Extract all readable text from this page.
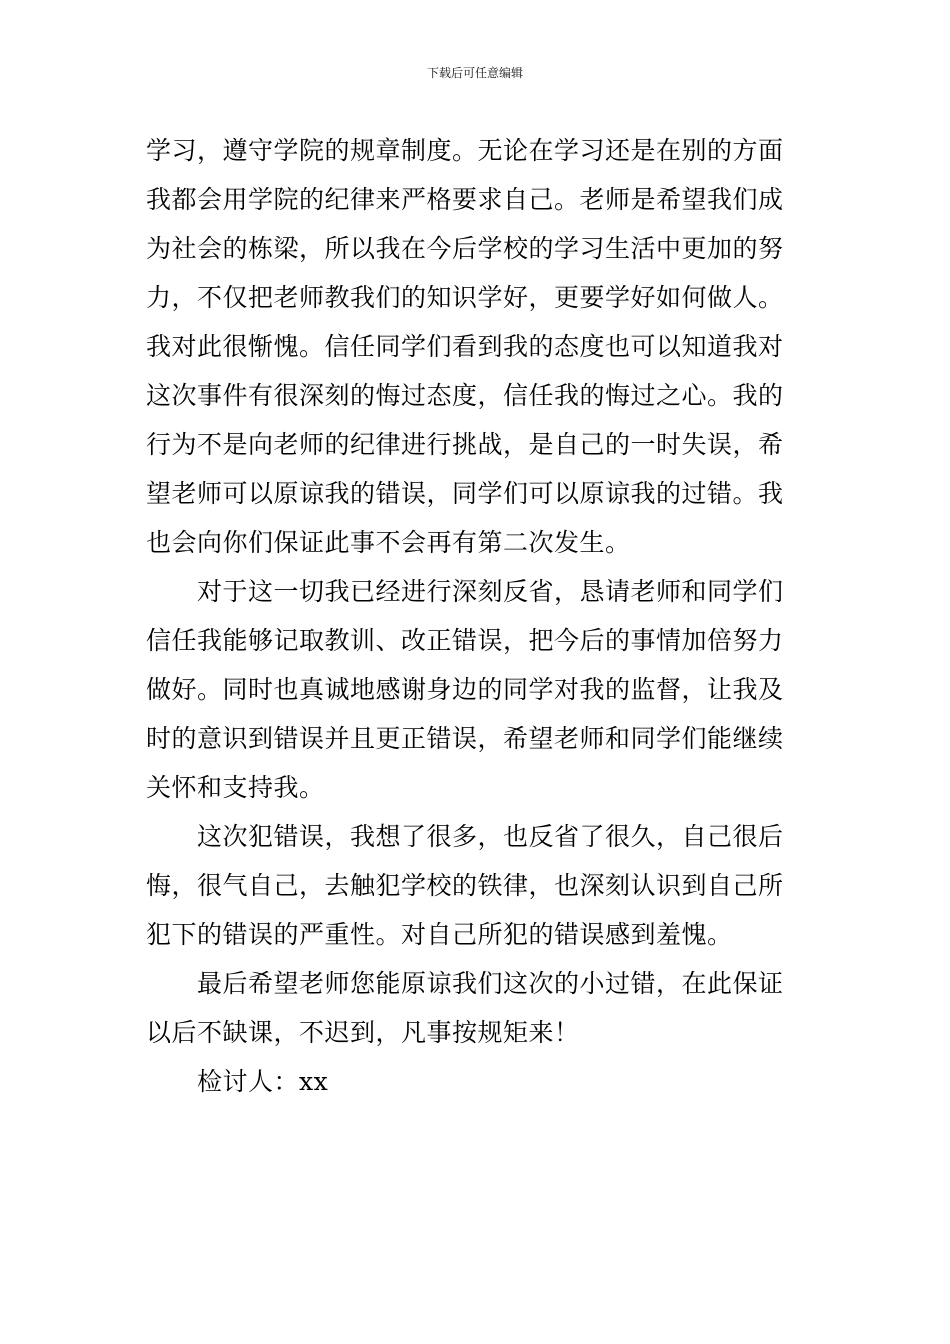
下载后可任意编辑
学习，遵守学院的规章制度。无论在学习还是在别的方面
我都会用学院的纪律来严格要求自己。老师是希望我们成
为社会的栋梁，所以我在今后学校的学习生活中更加的努
力，不仅把老师教我们的知识学好，更要学好如何做人。
我对此很惭愧。信任同学们看到我的态度也可以知道我对
这次事件有很深刻的悔过态度，信任我的悔过之心。我的
行为不是向老师的纪律进行挑战，是自己的一时失误，希
望老师可以原谅我的错误，同学们可以原谅我的过错。我
也会向你们保证此事不会再有第二次发生。
对于这一切我已经进行深刻反省，恳请老师和同学们
信任我能够记取教训、改正错误，把今后的事情加倍努力
做好。同时也真诚地感谢身边的同学对我的监督，让我及
时的意识到错误并且更正错误，希望老师和同学们能继续
关怀和支持我。
这次犯错误，我想了很多，也反省了很久，自己很后
悔，很气自己，去触犯学校的铁律，也深刻认识到自己所
犯下的错误的严重性。对自己所犯的错误感到羞愧。
最后希望老师您能原谅我们这次的小过错，在此保证
以后不缺课，不迟到，凡事按规矩来！
检讨人：xx
